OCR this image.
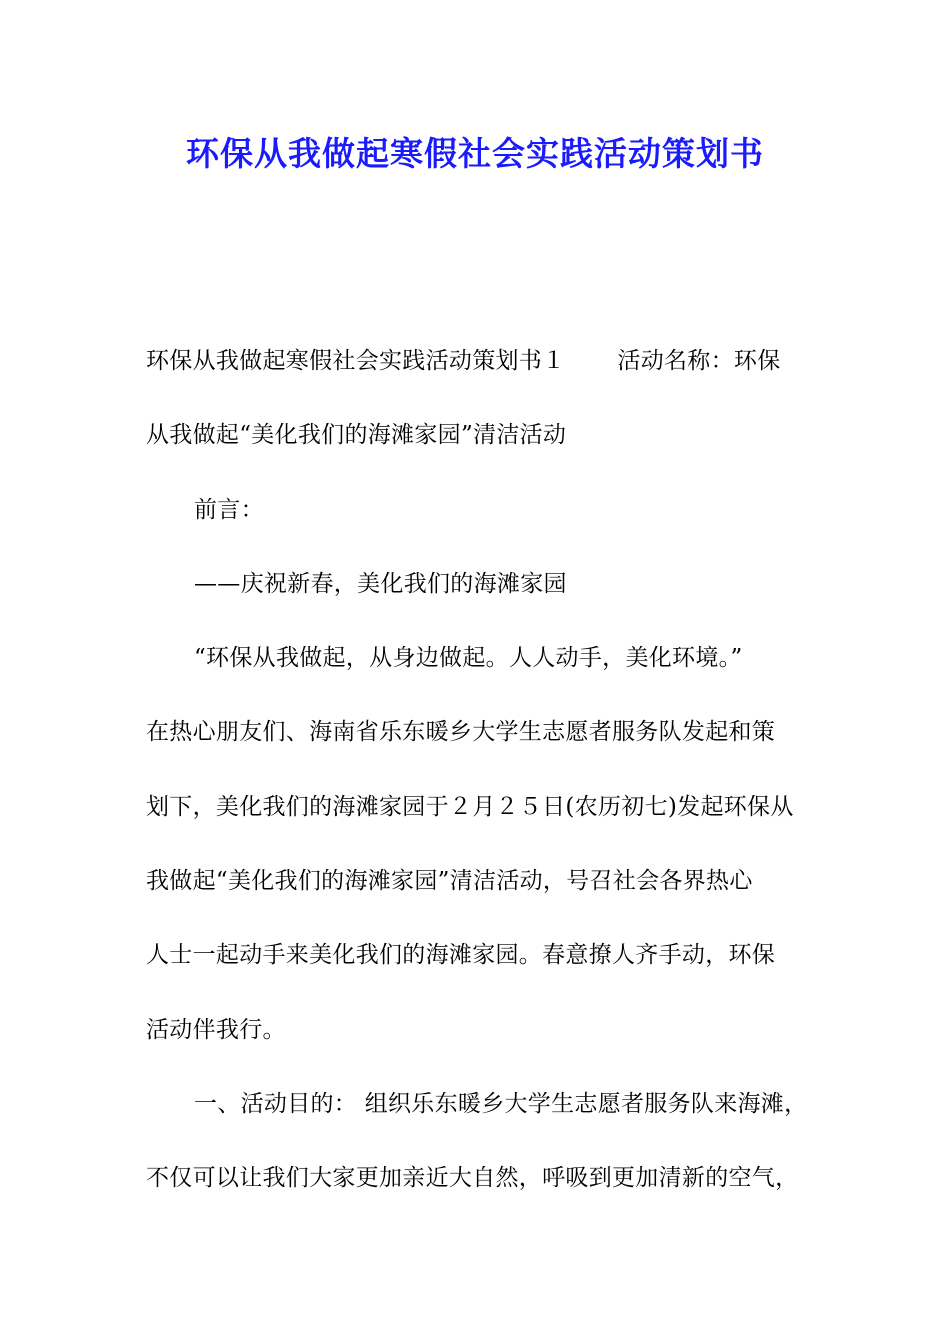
环保从我做起寒假社会实践活动策划书
环保从我做起寒假社会实践活动策划书１ 活动名称：环保
从我做起“美化我们的海滩家园”清洁活动
前言：
——庆祝新春，美化我们的海滩家园
“环保从我做起，从身边做起。人人动手，美化环境。”
在热心朋友们、海南省乐东暖乡大学生志愿者服务队发起和策
划下，美化我们的海滩家园于２月２５日(农历初七)发起环保从
我做起“美化我们的海滩家园”清洁活动，号召社会各界热心
人士一起动手来美化我们的海滩家园。春意撩人齐手动，环保
活动伴我行。
一、活动目的： 组织乐东暖乡大学生志愿者服务队来海滩，
不仅可以让我们大家更加亲近大自然，呼吸到更加清新的空气，
